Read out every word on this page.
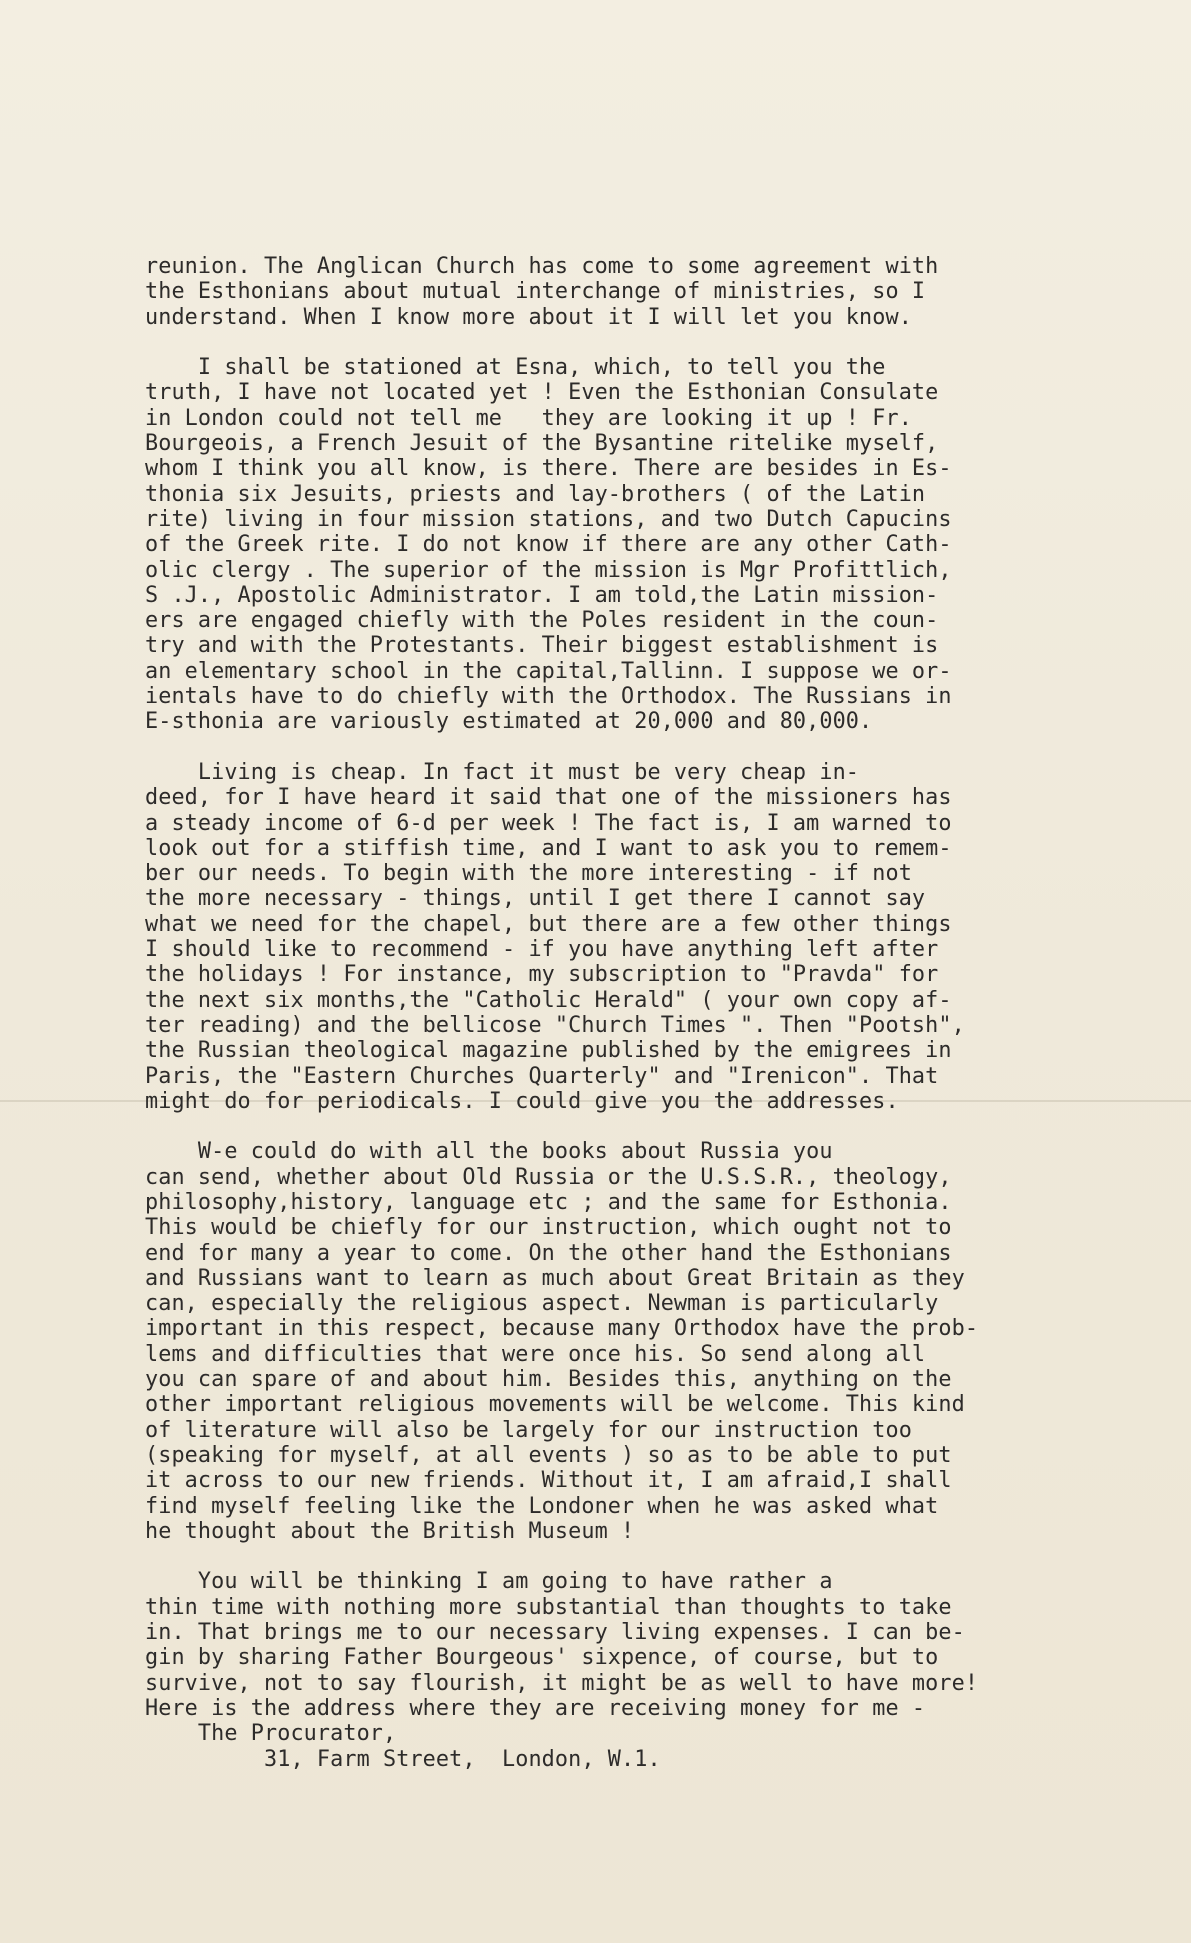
reunion. The Anglican Church has come to some agreement with
the Esthonians about mutual interchange of ministries, so I
understand. When I know more about it I will let you know.
I shall be stationed at Esna, which, to tell you the
truth, I have not located yet ! Even the Esthonian Consulate
in London could not tell me   they are looking it up ! Fr.
Bourgeois, a French Jesuit of the Bysantine ritelike myself,
whom I think you all know, is there. There are besides in Es-
thonia six Jesuits, priests and lay-brothers ( of the Latin
rite) living in four mission stations, and two Dutch Capucins
of the Greek rite. I do not know if there are any other Cath-
olic clergy . The superior of the mission is Mgr Profittlich,
S .J., Apostolic Administrator. I am told,the Latin mission-
ers are engaged chiefly with the Poles resident in the coun-
try and with the Protestants. Their biggest establishment is
an elementary school in the capital,Tallinn. I suppose we or-
ientals have to do chiefly with the Orthodox. The Russians in
E-sthonia are variously estimated at 20,000 and 80,000.
Living is cheap. In fact it must be very cheap in-
deed, for I have heard it said that one of the missioners has
a steady income of 6-d per week ! The fact is, I am warned to
look out for a stiffish time, and I want to ask you to remem-
ber our needs. To begin with the more interesting - if not
the more necessary - things, until I get there I cannot say
what we need for the chapel, but there are a few other things
I should like to recommend - if you have anything left after
the holidays ! For instance, my subscription to "Pravda" for
the next six months,the "Catholic Herald" ( your own copy af-
ter reading) and the bellicose "Church Times ". Then "Pootsh",
the Russian theological magazine published by the emigrees in
Paris, the "Eastern Churches Quarterly" and "Irenicon". That
might do for periodicals. I could give you the addresses.
W-e could do with all the books about Russia you
can send, whether about Old Russia or the U.S.S.R., theology,
philosophy,history, language etc ; and the same for Esthonia.
This would be chiefly for our instruction, which ought not to
end for many a year to come. On the other hand the Esthonians
and Russians want to learn as much about Great Britain as they
can, especially the religious aspect. Newman is particularly
important in this respect, because many Orthodox have the prob-
lems and difficulties that were once his. So send along all
you can spare of and about him. Besides this, anything on the
other important religious movements will be welcome. This kind
of literature will also be largely for our instruction too
(speaking for myself, at all events ) so as to be able to put
it across to our new friends. Without it, I am afraid,I shall
find myself feeling like the Londoner when he was asked what
he thought about the British Museum !
You will be thinking I am going to have rather a
thin time with nothing more substantial than thoughts to take
in. That brings me to our necessary living expenses. I can be-
gin by sharing Father Bourgeous' sixpence, of course, but to
survive, not to say flourish, it might be as well to have more!
Here is the address where they are receiving money for me -
The Procurator,
31, Farm Street,  London, W.1.
